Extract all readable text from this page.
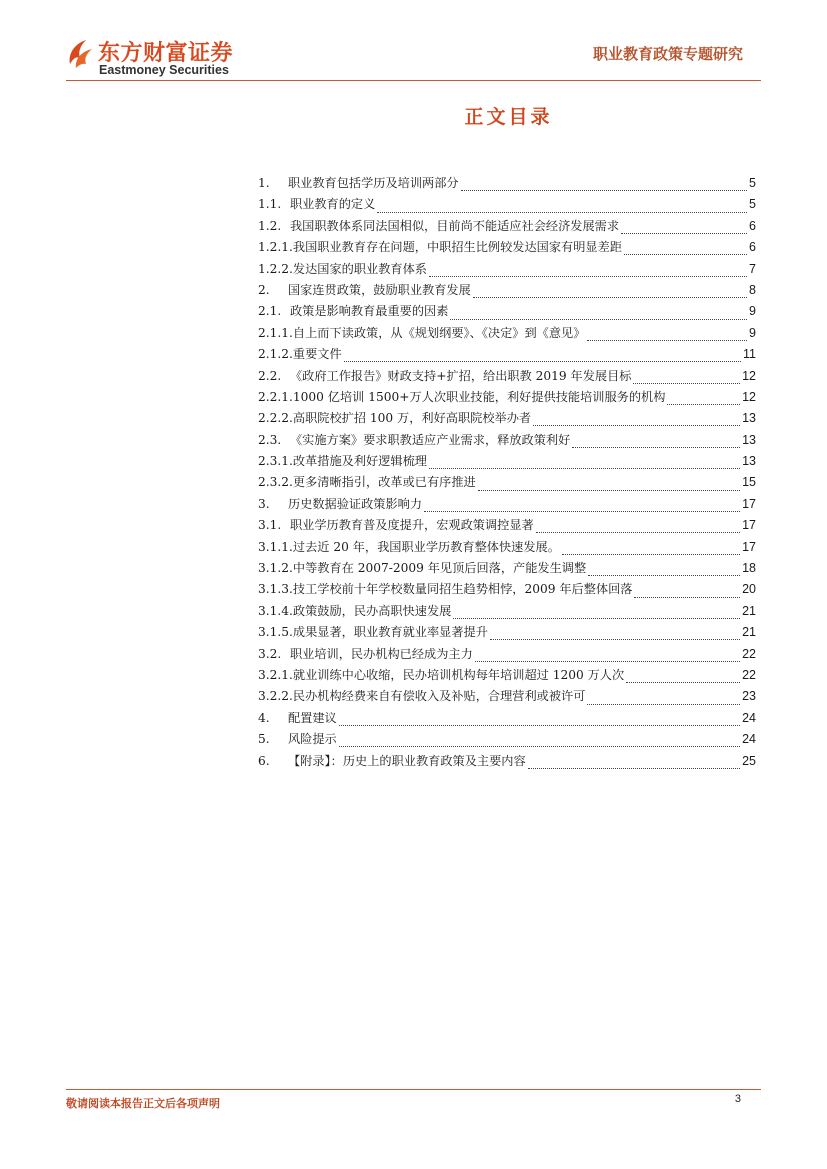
东方财富证券
Eastmoney Securities
职业教育政策专题研究
正文目录
1.	职业教育包括学历及培训两部分	5
1.1. 职业教育的定义	5
1.2. 我国职教体系同法国相似，目前尚不能适应社会经济发展需求	6
1.2.1. 我国职业教育存在问题，中职招生比例较发达国家有明显差距	6
1.2.2. 发达国家的职业教育体系	7
2.	国家连贯政策，鼓励职业教育发展	8
2.1. 政策是影响教育最重要的因素	9
2.1.1. 自上而下读政策，从《规划纲要》、《决定》到《意见》	9
2.1.2. 重要文件	11
2.2. 《政府工作报告》财政支持+扩招，给出职教 2019 年发展目标	12
2.2.1. 1000 亿培训 1500+万人次职业技能，利好提供技能培训服务的机构	12
2.2.2. 高职院校扩招 100 万，利好高职院校举办者	13
2.3. 《实施方案》要求职教适应产业需求，释放政策利好	13
2.3.1. 改革措施及利好逻辑梳理	13
2.3.2. 更多清晰指引，改革或已有序推进	15
3.	历史数据验证政策影响力	17
3.1. 职业学历教育普及度提升，宏观政策调控显著	17
3.1.1. 过去近 20 年，我国职业学历教育整体快速发展。	17
3.1.2. 中等教育在 2007-2009 年见顶后回落，产能发生调整	18
3.1.3. 技工学校前十年学校数量同招生趋势相悖，2009 年后整体回落	20
3.1.4. 政策鼓励，民办高职快速发展	21
3.1.5. 成果显著，职业教育就业率显著提升	21
3.2. 职业培训，民办机构已经成为主力	22
3.2.1. 就业训练中心收缩，民办培训机构每年培训超过 1200 万人次	22
3.2.2. 民办机构经费来自有偿收入及补贴，合理营利或被许可	23
4.	配置建议	24
5.	风险提示	24
6.	【附录】：历史上的职业教育政策及主要内容	25
敬请阅读本报告正文后各项声明	3
